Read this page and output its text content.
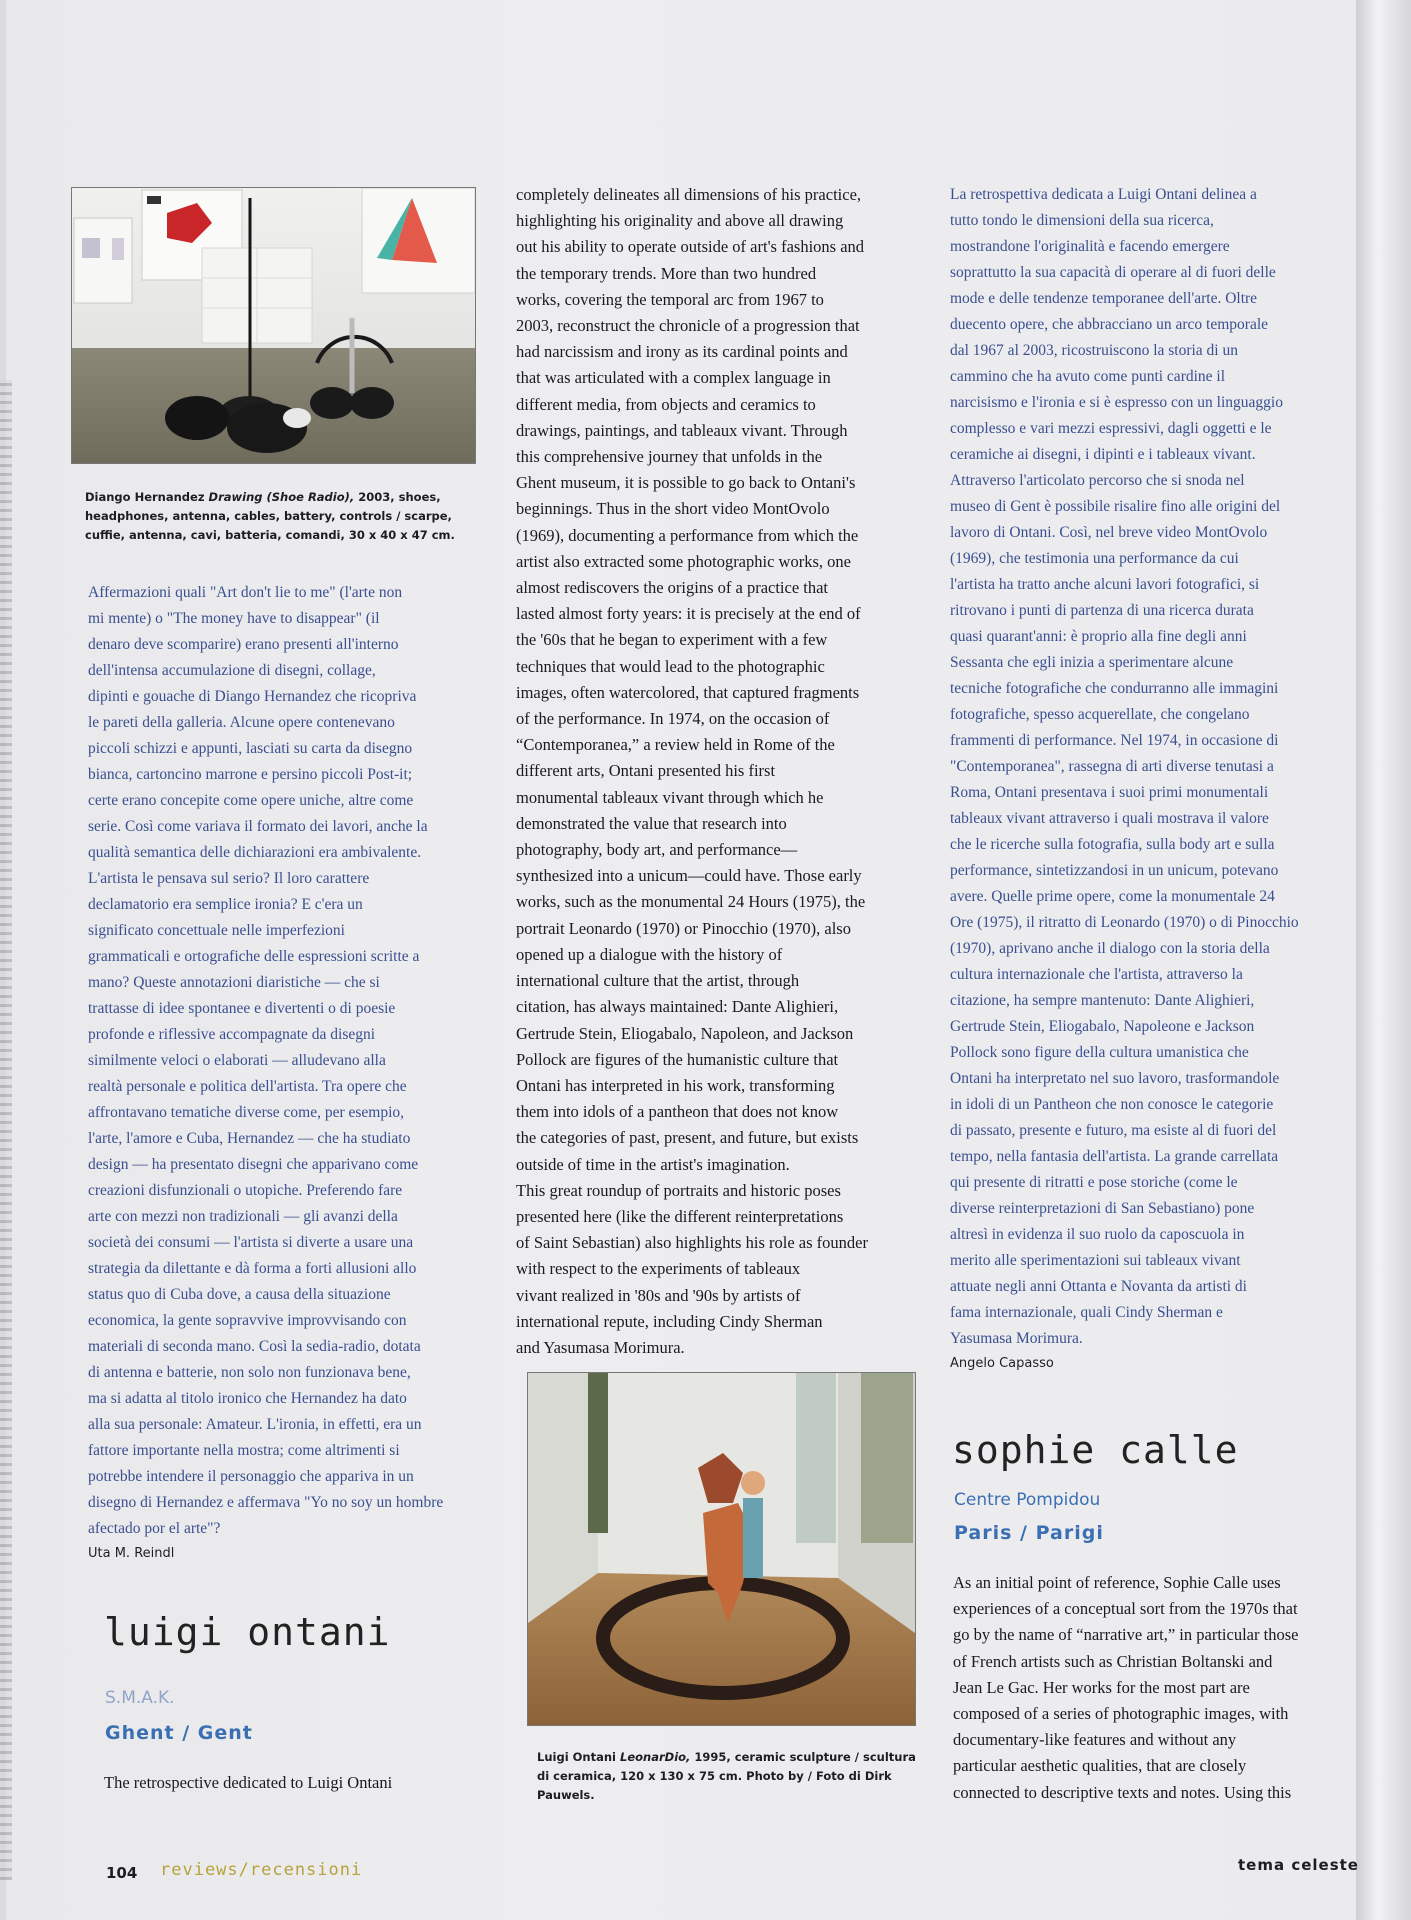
Diango Hernandez Drawing (Shoe Radio), 2003, shoes, headphones, antenna, cables, battery, controls / scarpe, cuffie, antenna, cavi, batteria, comandi, 30 x 40 x 47 cm.

Affermazioni quali "Art don't lie to me" (l'arte non

mi mente) o "The money have to disappear" (il

denaro deve scomparire) erano presenti all'interno

dell'intensa accumulazione di disegni, collage,

dipinti e gouache di Diango Hernandez che ricopriva

le pareti della galleria. Alcune opere contenevano

piccoli schizzi e appunti, lasciati su carta da disegno

bianca, cartoncino marrone e persino piccoli Post-it;

certe erano concepite come opere uniche, altre come

serie. Così come variava il formato dei lavori, anche la

qualità semantica delle dichiarazioni era ambivalente.

L'artista le pensava sul serio? Il loro carattere

declamatorio era semplice ironia? E c'era un

significato concettuale nelle imperfezioni

grammaticali e ortografiche delle espressioni scritte a

mano? Queste annotazioni diaristiche — che si

trattasse di idee spontanee e divertenti o di poesie

profonde e riflessive accompagnate da disegni

similmente veloci o elaborati — alludevano alla

realtà personale e politica dell'artista. Tra opere che

affrontavano tematiche diverse come, per esempio,

l'arte, l'amore e Cuba, Hernandez — che ha studiato

design — ha presentato disegni che apparivano come

creazioni disfunzionali o utopiche. Preferendo fare

arte con mezzi non tradizionali — gli avanzi della

società dei consumi — l'artista si diverte a usare una

strategia da dilettante e dà forma a forti allusioni allo

status quo di Cuba dove, a causa della situazione

economica, la gente sopravvive improvvisando con

materiali di seconda mano. Così la sedia-radio, dotata

di antenna e batterie, non solo non funzionava bene,

ma si adatta al titolo ironico che Hernandez ha dato

alla sua personale: Amateur. L'ironia, in effetti, era un

fattore importante nella mostra; come altrimenti si

potrebbe intendere il personaggio che appariva in un

disegno di Hernandez e affermava "Yo no soy un hombre

afectado por el arte"?

Uta M. Reindl
luigi ontani
S.M.A.K.
Ghent / Gent
The retrospective dedicated to Luigi Ontani

completely delineates all dimensions of his practice,

highlighting his originality and above all drawing

out his ability to operate outside of art's fashions and

the temporary trends. More than two hundred

works, covering the temporal arc from 1967 to

2003, reconstruct the chronicle of a progression that

had narcissism and irony as its cardinal points and

that was articulated with a complex language in

different media, from objects and ceramics to

drawings, paintings, and tableaux vivant. Through

this comprehensive journey that unfolds in the

Ghent museum, it is possible to go back to Ontani's

beginnings. Thus in the short video MontOvolo

(1969), documenting a performance from which the

artist also extracted some photographic works, one

almost rediscovers the origins of a practice that

lasted almost forty years: it is precisely at the end of

the '60s that he began to experiment with a few

techniques that would lead to the photographic

images, often watercolored, that captured fragments

of the performance. In 1974, on the occasion of

“Contemporanea,” a review held in Rome of the

different arts, Ontani presented his first

monumental tableaux vivant through which he

demonstrated the value that research into

photography, body art, and performance—

synthesized into a unicum—could have. Those early

works, such as the monumental 24 Hours (1975), the

portrait Leonardo (1970) or Pinocchio (1970), also

opened up a dialogue with the history of

international culture that the artist, through

citation, has always maintained: Dante Alighieri,

Gertrude Stein, Eliogabalo, Napoleon, and Jackson

Pollock are figures of the humanistic culture that

Ontani has interpreted in his work, transforming

them into idols of a pantheon that does not know

the categories of past, present, and future, but exists

outside of time in the artist's imagination.

This great roundup of portraits and historic poses

presented here (like the different reinterpretations

of Saint Sebastian) also highlights his role as founder

with respect to the experiments of tableaux

vivant realized in '80s and '90s by artists of

international repute, including Cindy Sherman

and Yasumasa Morimura.

Luigi Ontani LeonarDio, 1995, ceramic sculpture / scultura di ceramica, 120 x 130 x 75 cm. Photo by / Foto di Dirk Pauwels.

La retrospettiva dedicata a Luigi Ontani delinea a

tutto tondo le dimensioni della sua ricerca,

mostrandone l'originalità e facendo emergere

soprattutto la sua capacità di operare al di fuori delle

mode e delle tendenze temporanee dell'arte. Oltre

duecento opere, che abbracciano un arco temporale

dal 1967 al 2003, ricostruiscono la storia di un

cammino che ha avuto come punti cardine il

narcisismo e l'ironia e si è espresso con un linguaggio

complesso e vari mezzi espressivi, dagli oggetti e le

ceramiche ai disegni, i dipinti e i tableaux vivant.

Attraverso l'articolato percorso che si snoda nel

museo di Gent è possibile risalire fino alle origini del

lavoro di Ontani. Così, nel breve video MontOvolo

(1969), che testimonia una performance da cui

l'artista ha tratto anche alcuni lavori fotografici, si

ritrovano i punti di partenza di una ricerca durata

quasi quarant'anni: è proprio alla fine degli anni

Sessanta che egli inizia a sperimentare alcune

tecniche fotografiche che condurranno alle immagini

fotografiche, spesso acquerellate, che congelano

frammenti di performance. Nel 1974, in occasione di

"Contemporanea", rassegna di arti diverse tenutasi a

Roma, Ontani presentava i suoi primi monumentali

tableaux vivant attraverso i quali mostrava il valore

che le ricerche sulla fotografia, sulla body art e sulla

performance, sintetizzandosi in un unicum, potevano

avere. Quelle prime opere, come la monumentale 24

Ore (1975), il ritratto di Leonardo (1970) o di Pinocchio

(1970), aprivano anche il dialogo con la storia della

cultura internazionale che l'artista, attraverso la

citazione, ha sempre mantenuto: Dante Alighieri,

Gertrude Stein, Eliogabalo, Napoleone e Jackson

Pollock sono figure della cultura umanistica che

Ontani ha interpretato nel suo lavoro, trasformandole

in idoli di un Pantheon che non conosce le categorie

di passato, presente e futuro, ma esiste al di fuori del

tempo, nella fantasia dell'artista. La grande carrellata

qui presente di ritratti e pose storiche (come le

diverse reinterpretazioni di San Sebastiano) pone

altresì in evidenza il suo ruolo da caposcuola in

merito alle sperimentazioni sui tableaux vivant

attuate negli anni Ottanta e Novanta da artisti di

fama internazionale, quali Cindy Sherman e

Yasumasa Morimura.

Angelo Capasso
sophie calle
Centre Pompidou
Paris / Parigi

As an initial point of reference, Sophie Calle uses

experiences of a conceptual sort from the 1970s that

go by the name of “narrative art,” in particular those

of French artists such as Christian Boltanski and

Jean Le Gac. Her works for the most part are

composed of a series of photographic images, with

documentary-like features and without any

particular aesthetic qualities, that are closely

connected to descriptive texts and notes. Using this

104 reviews/recensioni	tema celeste
